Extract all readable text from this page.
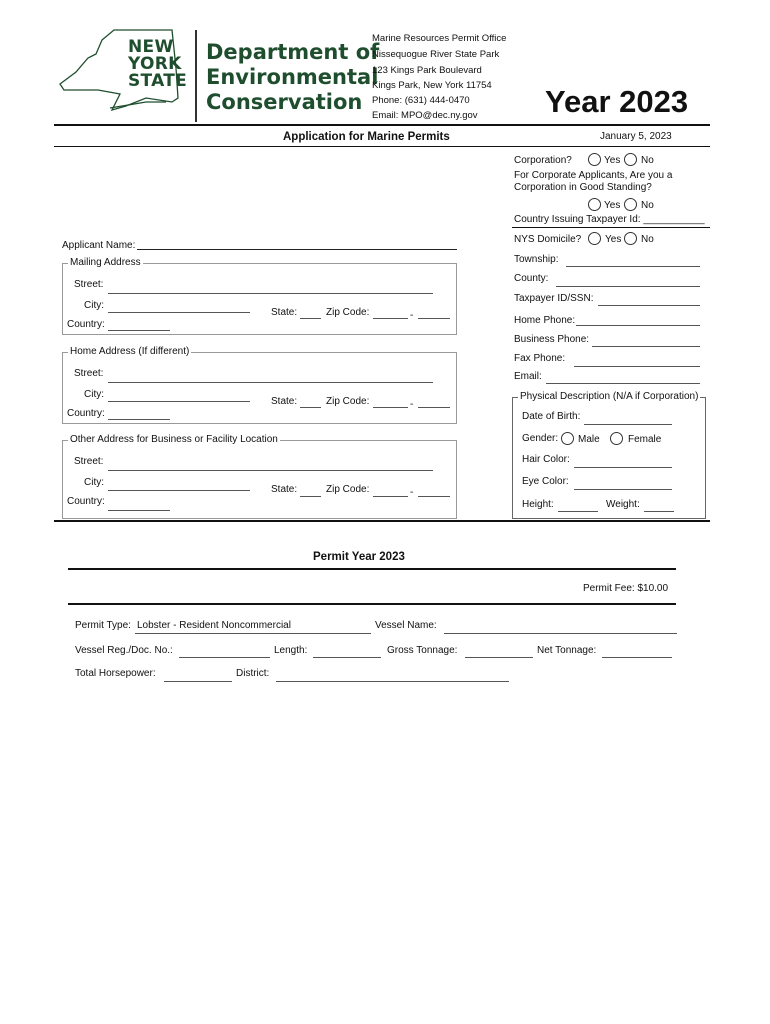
NEW
YORK
STATE
Department of
Environmental
Conservation
Marine Resources Permit Office
Nissequogue River State Park
123 Kings Park Boulevard
Kings Park, New York 11754
Phone: (631) 444-0470
Email: MPO@dec.ny.gov Year 2023
Application for Marine Permits	January 5, 2023
Applicant Name:
Mailing Address
Street:
City:
State:	Zip Code:	-
Country:
Home Address (If different)
Street:
City:
State:	Zip Code:	-
Country:
Other Address for Business or Facility Location
Street:
City:
State:	Zip Code:	-
Country:
Corporation?	Yes No
For Corporate Applicants, Are you a
Corporation in Good Standing?
Yes No
Country Issuing Taxpayer Id: ___________
NYS Domicile? Yes No
Township:
County:
Taxpayer ID/SSN:
Home Phone:
Business Phone:
Fax Phone:
Email:
Physical Description (N/A if Corporation)
Date of Birth:
Gender: Male	Female
Hair Color:
Eye Color:
Height:	Weight:
Permit Year 2023
Permit Fee: $10.00
Permit Type: Lobster - Resident Noncommercial	Vessel Name:
Vessel Reg./Doc. No.:	Length:	Gross Tonnage:	Net Tonnage:
Total Horsepower:	District:
